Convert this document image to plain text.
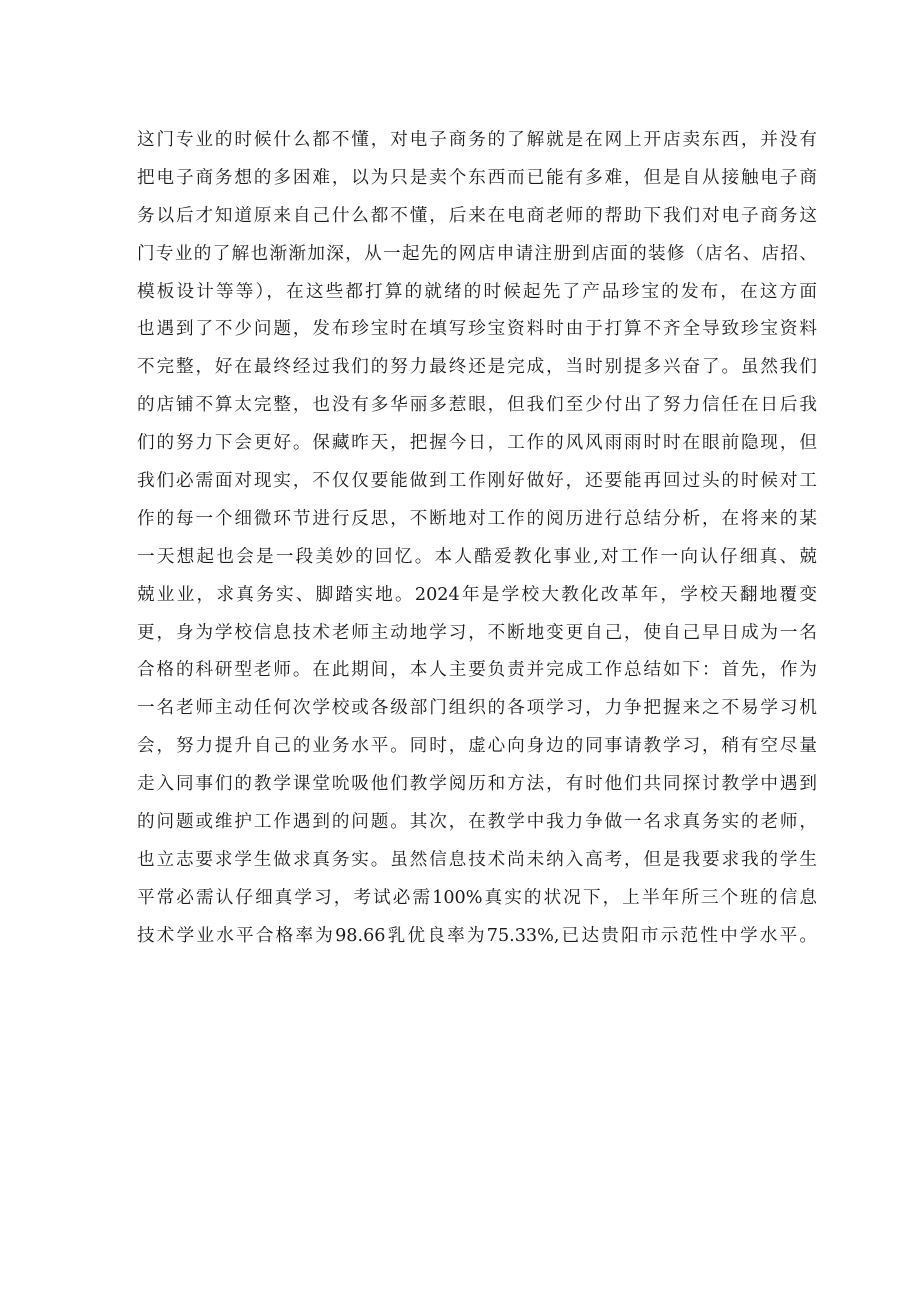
这门专业的时候什么都不懂，对电子商务的了解就是在网上开店卖东西，并没有
把电子商务想的多困难，以为只是卖个东西而已能有多难，但是自从接触电子商
务以后才知道原来自己什么都不懂，后来在电商老师的帮助下我们对电子商务这
门专业的了解也渐渐加深，从一起先的网店申请注册到店面的装修（店名、店招、
模板设计等等），在这些都打算的就绪的时候起先了产品珍宝的发布，在这方面
也遇到了不少问题，发布珍宝时在填写珍宝资料时由于打算不齐全导致珍宝资料
不完整，好在最终经过我们的努力最终还是完成，当时别提多兴奋了。虽然我们
的店铺不算太完整，也没有多华丽多惹眼，但我们至少付出了努力信任在日后我
们的努力下会更好。保藏昨天，把握今日，工作的风风雨雨时时在眼前隐现，但
我们必需面对现实，不仅仅要能做到工作刚好做好，还要能再回过头的时候对工
作的每一个细微环节进行反思，不断地对工作的阅历进行总结分析，在将来的某
一天想起也会是一段美妙的回忆。本人酷爱教化事业,对工作一向认仔细真、兢
兢业业，求真务实、脚踏实地。2024年是学校大教化改革年，学校天翻地覆变
更，身为学校信息技术老师主动地学习，不断地变更自己，使自己早日成为一名
合格的科研型老师。在此期间，本人主要负责并完成工作总结如下：首先，作为
一名老师主动任何次学校或各级部门组织的各项学习，力争把握来之不易学习机
会，努力提升自己的业务水平。同时，虚心向身边的同事请教学习，稍有空尽量
走入同事们的教学课堂吮吸他们教学阅历和方法，有时他们共同探讨教学中遇到
的问题或维护工作遇到的问题。其次，在教学中我力争做一名求真务实的老师，
也立志要求学生做求真务实。虽然信息技术尚未纳入高考，但是我要求我的学生
平常必需认仔细真学习，考试必需100%真实的状况下，上半年所三个班的信息
技术学业水平合格率为98.66乳优良率为75.33%,已达贵阳市示范性中学水平。
